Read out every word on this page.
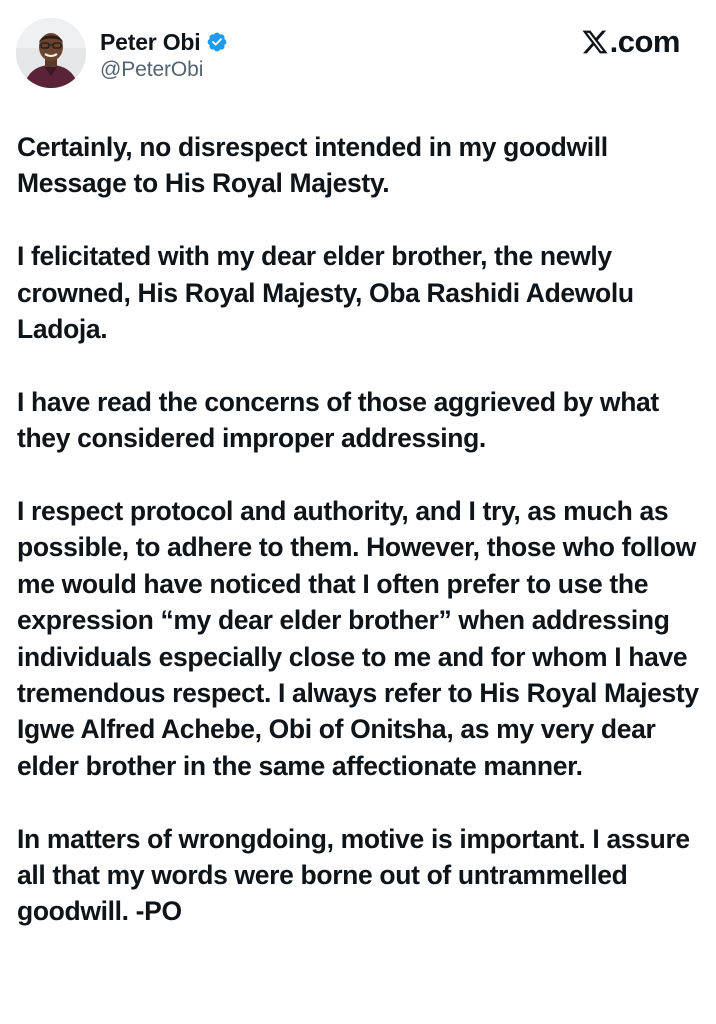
Peter Obi
@PeterObi
.com

Certainly, no disrespect intended in my goodwill Message to His Royal Majesty.

I felicitated with my dear elder brother, the newly crowned, His Royal Majesty, Oba Rashidi Adewolu Ladoja.

I have read the concerns of those aggrieved by what they considered improper addressing.

I respect protocol and authority, and I try, as much as possible, to adhere to them. However, those who follow me would have noticed that I often prefer to use the expression “my dear elder brother” when addressing individuals especially close to me and for whom I have tremendous respect. I always refer to His Royal Majesty Igwe Alfred Achebe, Obi of Onitsha, as my very dear elder brother in the same affectionate manner.

In matters of wrongdoing, motive is important. I assure all that my words were borne out of untrammelled goodwill. -PO
